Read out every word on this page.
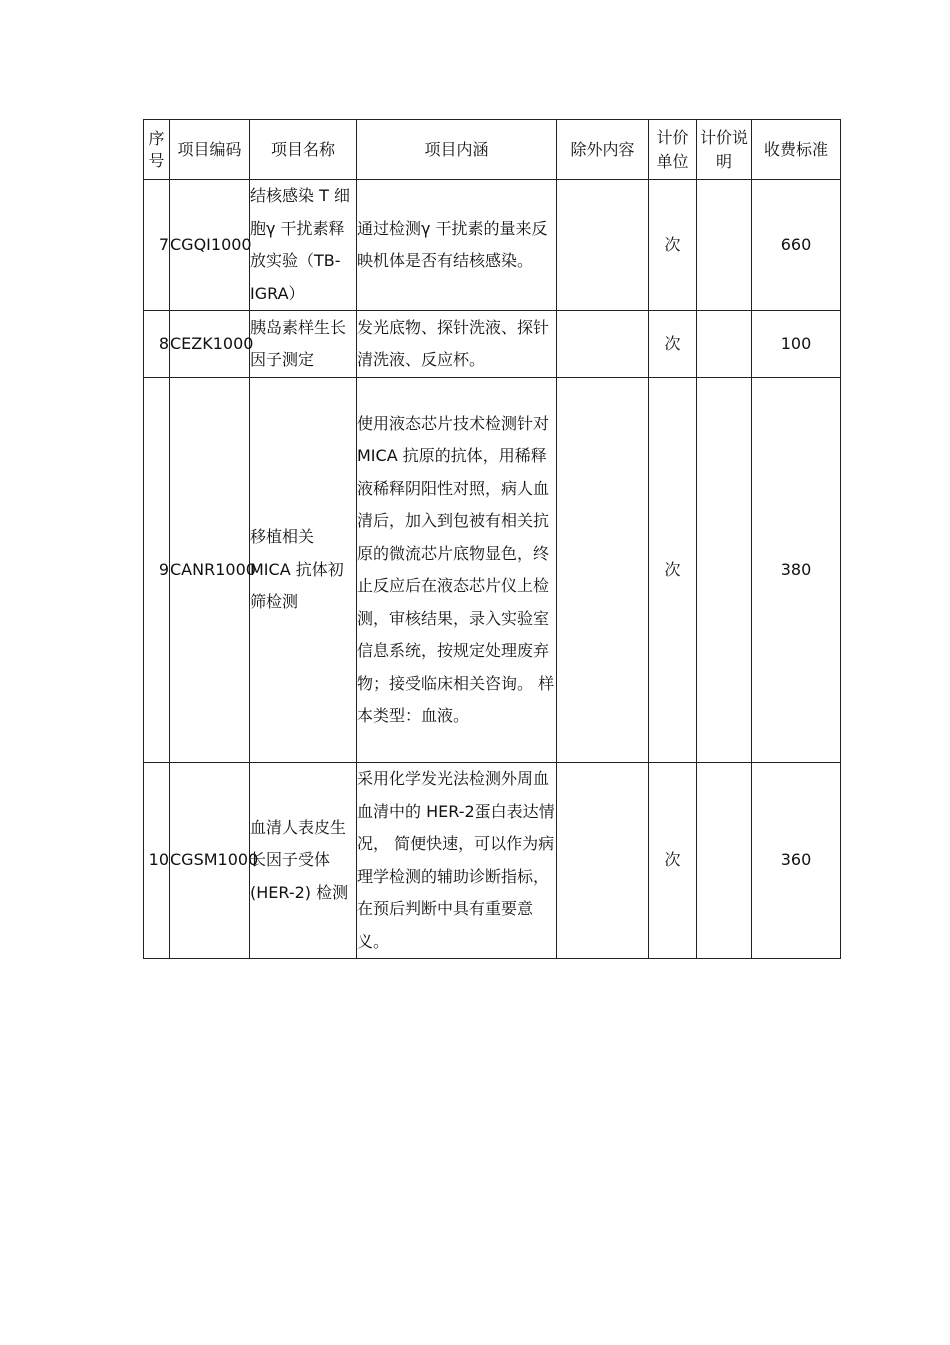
序号	项目编码	项目名称	项目内涵	除外内容	计价单位	计价说明	收费标准
7	CGQI1000	结核感染 T 细胞γ 干扰素释放实验（TB-IGRA）	通过检测γ 干扰素的量来反映机体是否有结核感染。		次		660
8	CEZK1000	胰岛素样生长因子测定	发光底物、探针洗液、探针清洗液、反应杯。		次		100
9	CANR1000	移植相关 MICA 抗体初筛检测	使用液态芯片技术检测针对 MICA 抗原的抗体，用稀释液稀释阴阳性对照，病人血清后，加入到包被有相关抗原的微流芯片底物显色，终止反应后在液态芯片仪上检测，审核结果，录入实验室信息系统，按规定处理废弃物；接受临床相关咨询。 样本类型：血液。		次		380
10	CGSM1000	血清人表皮生长因子受体(HER-2) 检测	采用化学发光法检测外周血血清中的 HER-2蛋白表达情况， 简便快速，可以作为病理学检测的辅助诊断指标， 在预后判断中具有重要意义。		次		360
